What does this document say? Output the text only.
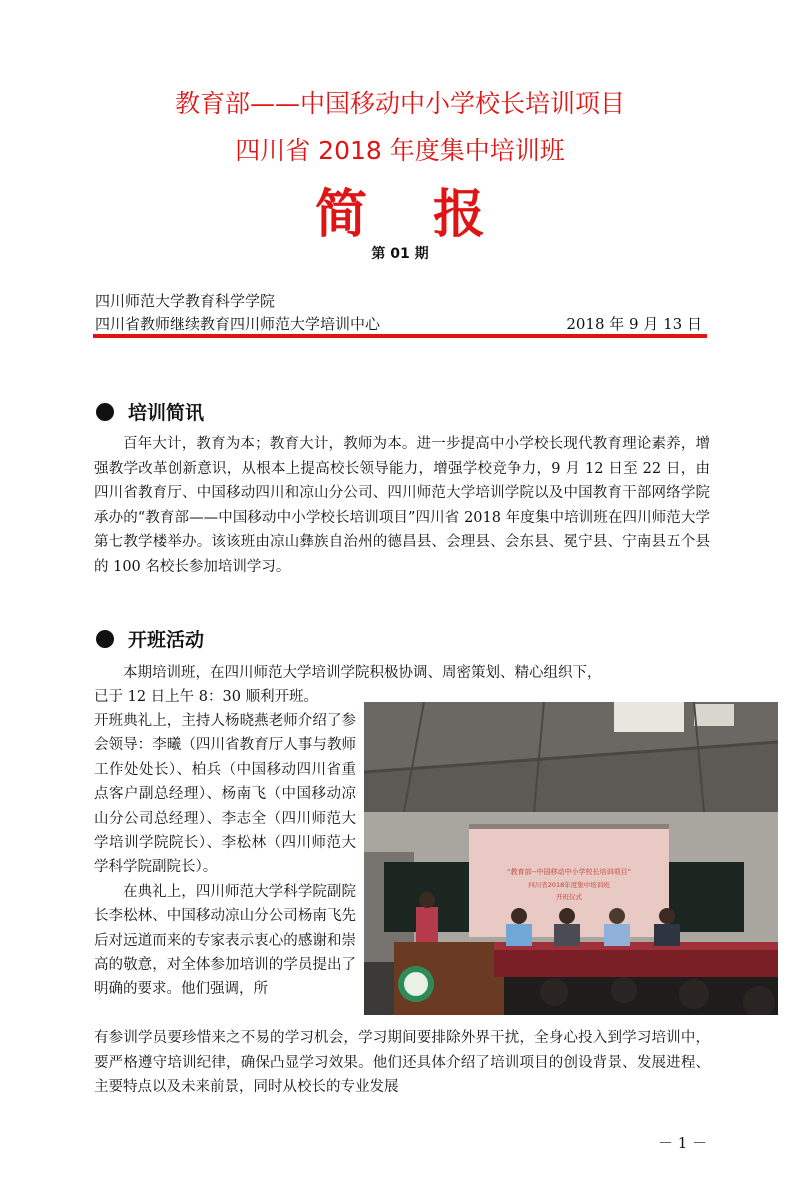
教育部——中国移动中小学校长培训项目
四川省 2018 年度集中培训班
简 报
第 01 期
四川师范大学教育科学学院
四川省教师继续教育四川师范大学培训中心	2018 年 9 月 13 日
培训简讯
百年大计，教育为本；教育大计，教师为本。进一步提高中小学校长现代教育理论素养，增强教学改革创新意识，从根本上提高校长领导能力，增强学校竞争力，9 月 12 日至 22 日，由四川省教育厅、中国移动四川和凉山分公司、四川师范大学培训学院以及中国教育干部网络学院承办的“教育部——中国移动中小学校长培训项目”四川省 2018 年度集中培训班在四川师范大学第七教学楼举办。该该班由凉山彝族自治州的德昌县、会理县、会东县、冕宁县、宁南县五个县的 100 名校长参加培训学习。
开班活动
本期培训班，在四川师范大学培训学院积极协调、周密策划、精心组织下，
已于 12 日上午 8：30 顺利开班。
开班典礼上，主持人杨晓燕老师介绍了参会领导：李曦（四川省教育厅人事与教师工作处处长）、柏兵（中国移动四川省重点客户副总经理）、杨南飞（中国移动凉山分公司总经理）、李志全（四川师范大学培训学院院长）、李松林（四川师范大学科学院副院长）。
在典礼上，四川师范大学科学院副院长李松林、中国移动凉山分公司杨南飞先后对远道而来的专家表示衷心的感谢和崇高的敬意，对全体参加培训的学员提出了明确的要求。他们强调，所
有参训学员要珍惜来之不易的学习机会，学习期间要排除外界干扰，全身心投入到学习培训中，要严格遵守培训纪律，确保凸显学习效果。他们还具体介绍了培训项目的创设背景、发展进程、主要特点以及未来前景，同时从校长的专业发展
“教育部--中国移动中小学校长培训项目”
四川省2018年度集中培训班
开班仪式
－ 1 －
